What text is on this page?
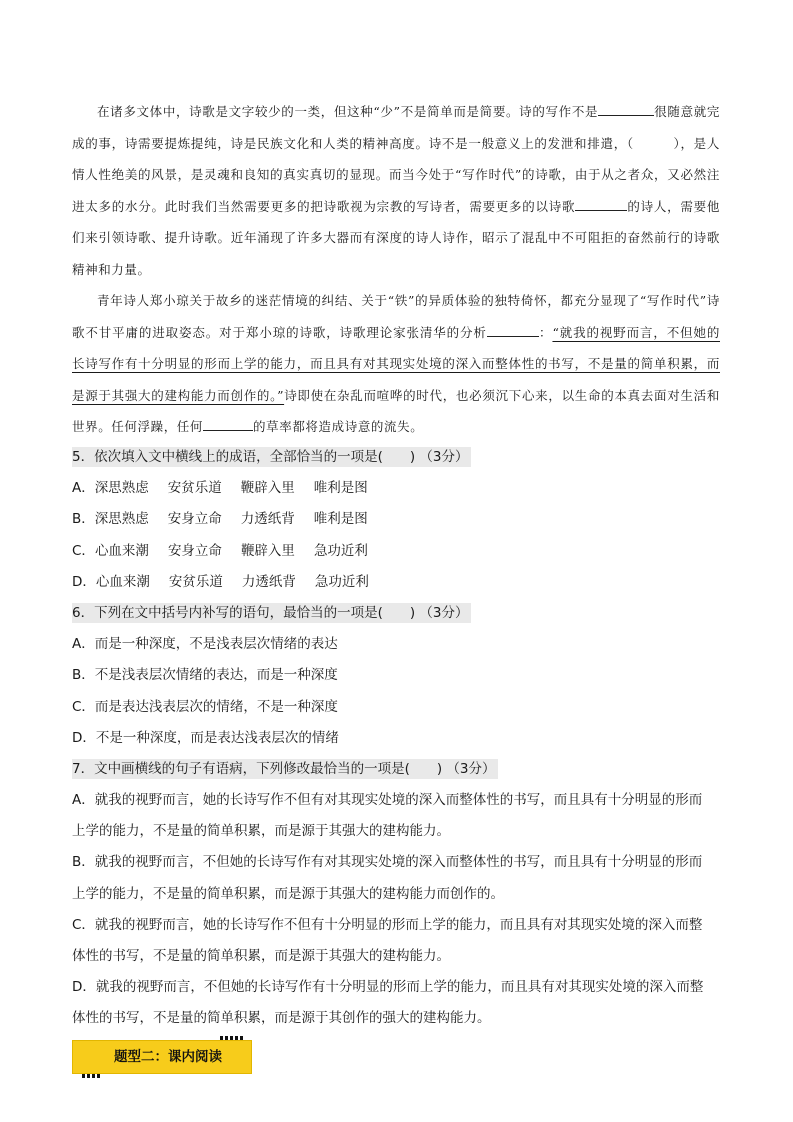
在诸多文体中，诗歌是文字较少的一类，但这种“少”不是简单而是简要。诗的写作不是	很随意就完成的事，诗需要提炼提纯，诗是民族文化和人类的精神高度。诗不是一般意义上的发泄和排遣，（　　　），是人情人性绝美的风景，是灵魂和良知的真实真切的显现。而当今处于“写作时代”的诗歌，由于从之者众，又必然注进太多的水分。此时我们当然需要更多的把诗歌视为宗教的写诗者，需要更多的以诗歌	的诗人，需要他们来引领诗歌、提升诗歌。近年涌现了许多大器而有深度的诗人诗作，昭示了混乱中不可阻拒的奋然前行的诗歌精神和力量。
青年诗人郑小琼关于故乡的迷茫情境的纠结、关于“铁”的异质体验的独特倚怀，都充分显现了“写作时代”诗歌不甘平庸的进取姿态。对于郑小琼的诗歌，诗歌理论家张清华的分析	：“就我的视野而言，不但她的长诗写作有十分明显的形而上学的能力，而且具有对其现实处境的深入而整体性的书写，不是量的简单积累，而是源于其强大的建构能力而创作的。”诗即使在杂乱而喧哗的时代，也必须沉下心来，以生命的本真去面对生活和世界。任何浮躁，任何	的草率都将造成诗意的流失。
5．依次填入文中横线上的成语，全部恰当的一项是(　　) （3分）
A．深思熟虑 安贫乐道 鞭辟入里 唯利是图
B．深思熟虑 安身立命 力透纸背 唯利是图
C．心血来潮 安身立命 鞭辟入里 急功近利
D．心血来潮 安贫乐道 力透纸背 急功近利
6．下列在文中括号内补写的语句，最恰当的一项是(　　) （3分）
A．而是一种深度，不是浅表层次情绪的表达
B．不是浅表层次情绪的表达，而是一种深度
C．而是表达浅表层次的情绪，不是一种深度
D．不是一种深度，而是表达浅表层次的情绪
7．文中画横线的句子有语病，下列修改最恰当的一项是(　　) （3分）
A．就我的视野而言，她的长诗写作不但有对其现实处境的深入而整体性的书写，而且具有十分明显的形而
上学的能力，不是量的简单积累，而是源于其强大的建构能力。
B．就我的视野而言，不但她的长诗写作有对其现实处境的深入而整体性的书写，而且具有十分明显的形而
上学的能力，不是量的简单积累，而是源于其强大的建构能力而创作的。
C．就我的视野而言，她的长诗写作不但有十分明显的形而上学的能力，而且具有对其现实处境的深入而整
体性的书写，不是量的简单积累，而是源于其强大的建构能力。
D．就我的视野而言，不但她的长诗写作有十分明显的形而上学的能力，而且具有对其现实处境的深入而整
体性的书写，不是量的简单积累，而是源于其创作的强大的建构能力。
题型二：课内阅读
